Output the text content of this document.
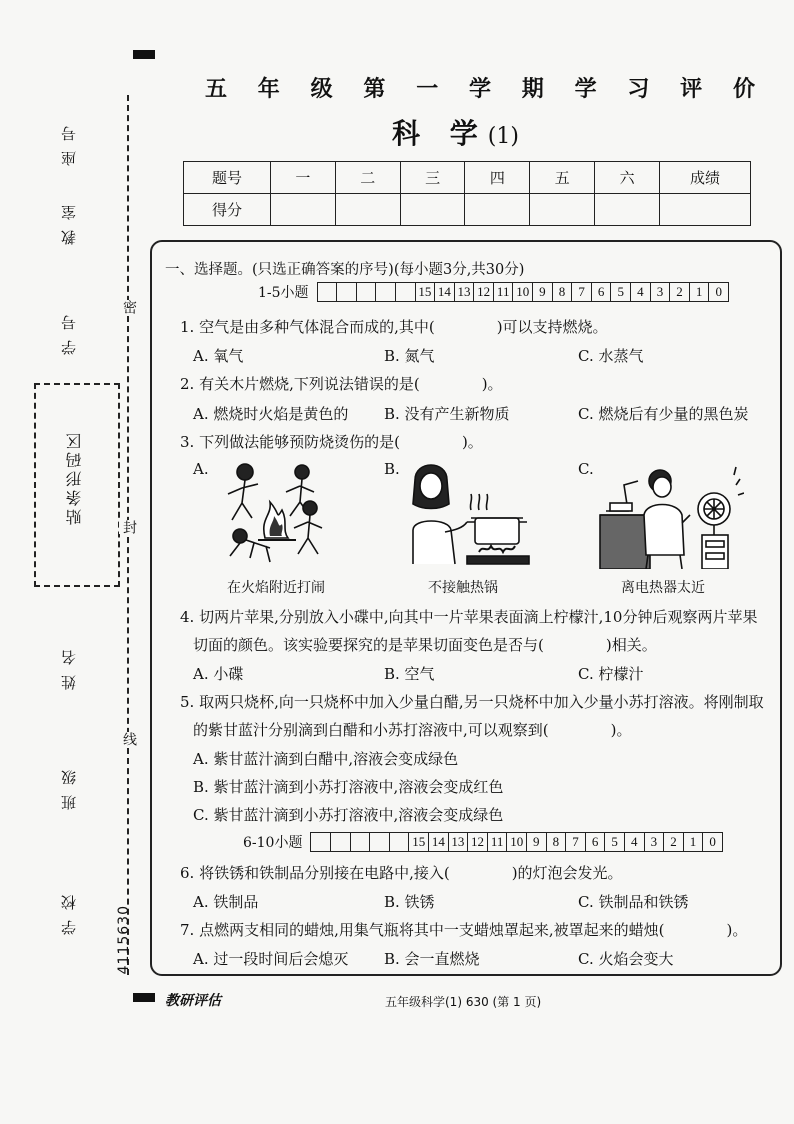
座号
教室
学号
贴条形码区
姓名
班级
学校
密
封
线
4115630
五 年 级 第 一 学 期 学 习 评 价
科 学(1)
题号	一	二	三	四	五	六	成绩
得分							
一、选择题。(只选正确答案的序号)(每小题3分,共30分)
1-5小题	15 14 13 12 11 10 9	8	7	6	5	4	3	2	1	0
1. 空气是由多种气体混合而成的,其中(	)可以支持燃烧。
A. 氧气	B. 氮气	C. 水蒸气
2. 有关木片燃烧,下列说法错误的是(	)。
A. 燃烧时火焰是黄色的 B. 没有产生新物质	C. 燃烧后有少量的黑色炭
3. 下列做法能够预防烧烫伤的是(	)。
A.	B.	C.
在火焰附近打闹	不接触热锅	离电热器太近
4. 切两片苹果,分别放入小碟中,向其中一片苹果表面滴上柠檬汁,10分钟后观察两片苹果
切面的颜色。该实验要探究的是苹果切面变色是否与(	)相关。
A. 小碟	B. 空气	C. 柠檬汁
5. 取两只烧杯,向一只烧杯中加入少量白醋,另一只烧杯中加入少量小苏打溶液。将刚制取
的紫甘蓝汁分别滴到白醋和小苏打溶液中,可以观察到(	)。
A. 紫甘蓝汁滴到白醋中,溶液会变成绿色
B. 紫甘蓝汁滴到小苏打溶液中,溶液会变成红色
C. 紫甘蓝汁滴到小苏打溶液中,溶液会变成绿色
6-10小题	15 14 13 12 11 10 9	8	7	6	5	4	3	2	1	0
6. 将铁锈和铁制品分别接在电路中,接入(	)的灯泡会发光。
A. 铁制品	B. 铁锈	C. 铁制品和铁锈
7. 点燃两支相同的蜡烛,用集气瓶将其中一支蜡烛罩起来,被罩起来的蜡烛(	)。
A. 过一段时间后会熄灭 B. 会一直燃烧	C. 火焰会变大
教研评估	五年级科学(1) 630 (第 1 页)
